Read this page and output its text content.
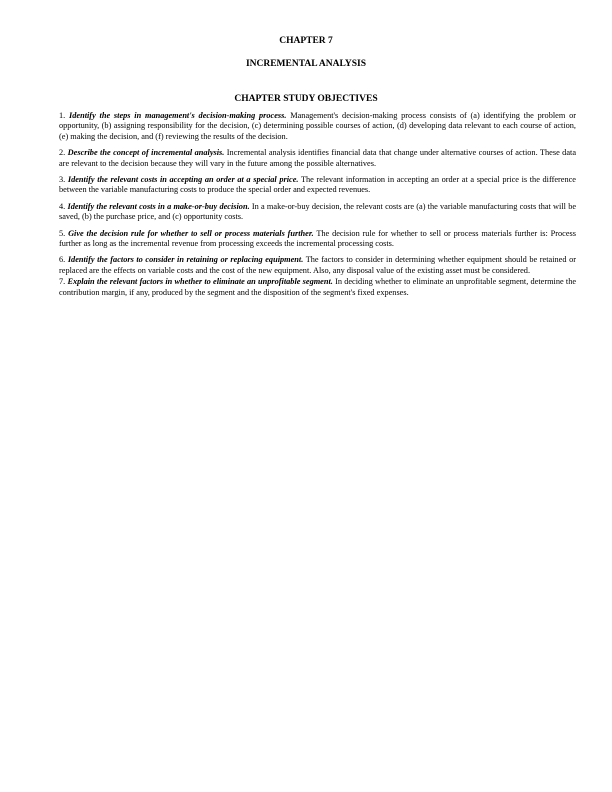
CHAPTER 7
INCREMENTAL ANALYSIS
CHAPTER STUDY OBJECTIVES

1. Identify the steps in management's decision-making process. Management's decision-making process consists of (a) identifying the problem or opportunity, (b) assigning responsibility for the decision, (c) determining possible courses of action, (d) developing data relevant to each course of action, (e) making the decision, and (f) reviewing the results of the decision.

2. Describe the concept of incremental analysis. Incremental analysis identifies financial data that change under alternative courses of action. These data are relevant to the decision because they will vary in the future among the possible alternatives.

3. Identify the relevant costs in accepting an order at a special price. The relevant information in accepting an order at a special price is the difference between the variable manufacturing costs to produce the special order and expected revenues.

4. Identify the relevant costs in a make-or-buy decision. In a make-or-buy decision, the relevant costs are (a) the variable manufacturing costs that will be saved, (b) the purchase price, and (c) opportunity costs.

5. Give the decision rule for whether to sell or process materials further. The decision rule for whether to sell or process materials further is: Process further as long as the incremental revenue from processing exceeds the incremental processing costs.

6. Identify the factors to consider in retaining or replacing equipment. The factors to consider in determining whether equipment should be retained or replaced are the effects on variable costs and the cost of the new equipment. Also, any disposal value of the existing asset must be considered.

7. Explain the relevant factors in whether to eliminate an unprofitable segment. In deciding whether to eliminate an unprofitable segment, determine the contribution margin, if any, produced by the segment and the disposition of the segment's fixed expenses.
